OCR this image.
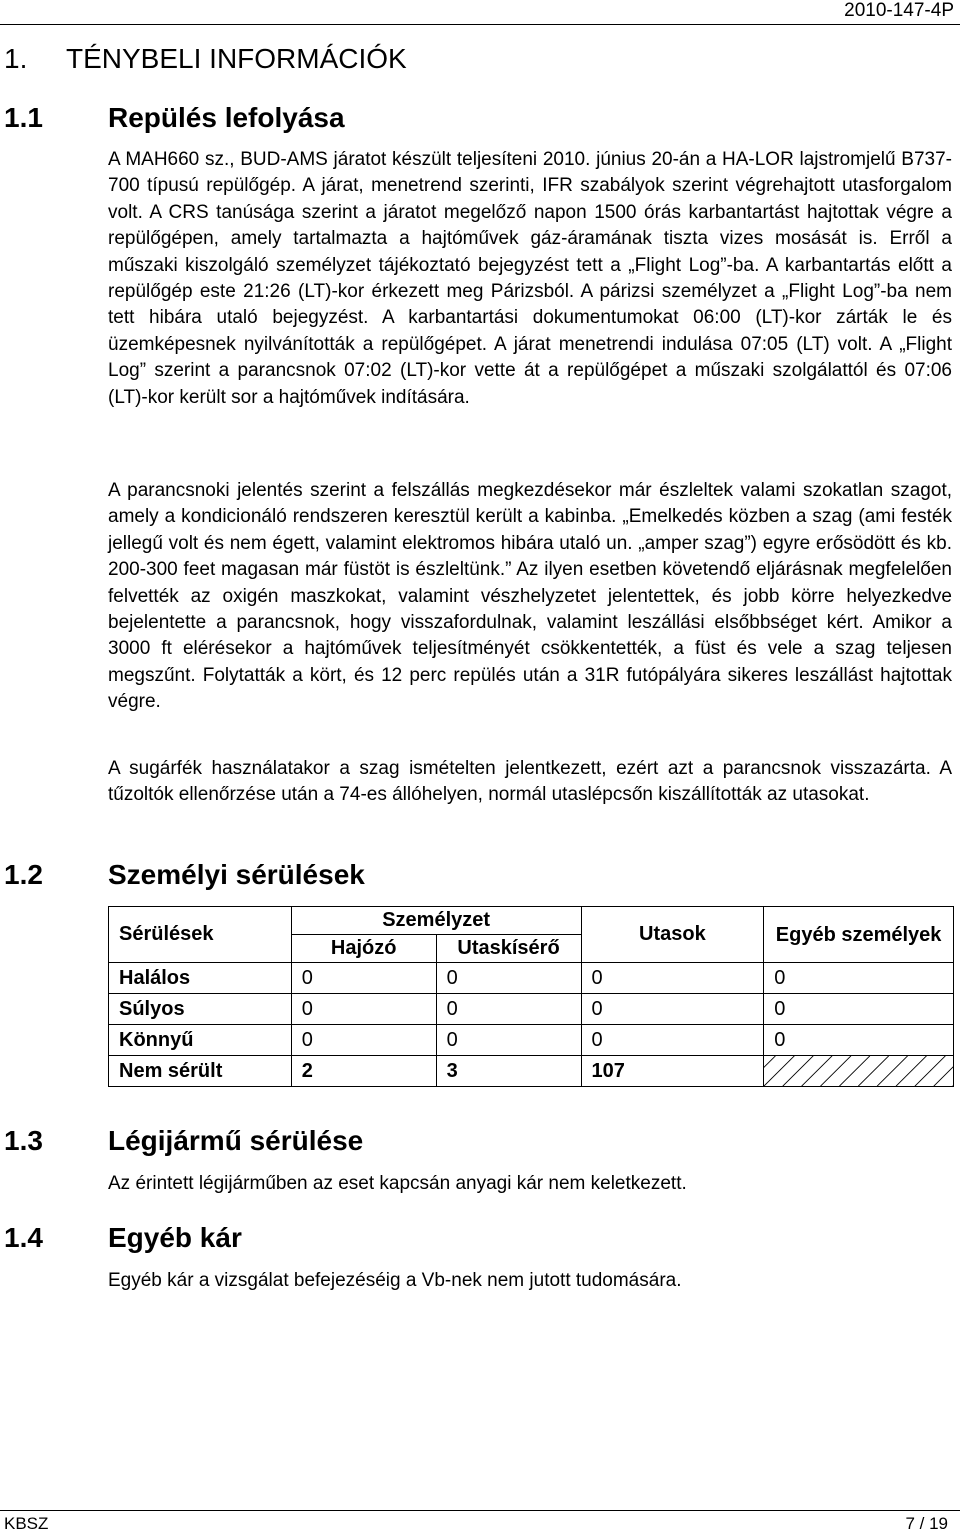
2010-147-4P
1. TÉNYBELI INFORMÁCIÓK
1.1 Repülés lefolyása

A MAH660 sz., BUD-AMS járatot készült teljesíteni 2010. június 20-án a HA-LOR lajstromjelű B737-700 típusú repülőgép. A járat, menetrend szerinti, IFR szabályok szerint végrehajtott utasforgalom volt. A CRS tanúsága szerint a járatot megelőző napon 1500 órás karbantartást hajtottak végre a repülőgépen, amely tartalmazta a hajtóművek gáz-áramának tiszta vizes mosását is. Erről a műszaki kiszolgáló személyzet tájékoztató bejegyzést tett a „Flight Log”-ba. A karbantartás előtt a repülőgép este 21:26 (LT)-kor érkezett meg Párizsból. A párizsi személyzet a „Flight Log”-ba nem tett hibára utaló bejegyzést. A karbantartási dokumentumokat 06:00 (LT)-kor zárták le és üzemképesnek nyilvánították a repülőgépet. A járat menetrendi indulása 07:05 (LT) volt. A „Flight Log” szerint a parancsnok 07:02 (LT)-kor vette át a repülőgépet a műszaki szolgálattól és 07:06 (LT)-kor került sor a hajtóművek indítására.

A parancsnoki jelentés szerint a felszállás megkezdésekor már észleltek valami szokatlan szagot, amely a kondicionáló rendszeren keresztül került a kabinba. „Emelkedés közben a szag (ami festék jellegű volt és nem égett, valamint elektromos hibára utaló un. „amper szag”) egyre erősödött és kb. 200-300 feet magasan már füstöt is észleltünk.” Az ilyen esetben követendő eljárásnak megfelelően felvették az oxigén maszkokat, valamint vészhelyzetet jelentettek, és jobb körre helyezkedve bejelentette a parancsnok, hogy visszafordulnak, valamint leszállási elsőbbséget kért. Amikor a 3000 ft elérésekor a hajtóművek teljesítményét csökkentették, a füst és vele a szag teljesen megszűnt. Folytatták a kört, és 12 perc repülés után a 31R futópályára sikeres leszállást hajtottak végre.

A sugárfék használatakor a szag ismételten jelentkezett, ezért azt a parancsnok visszazárta. A tűzoltók ellenőrzése után a 74-es állóhelyen, normál utaslépcsőn kiszállították az utasokat.

1.2 Személyi sérülések
Sérülések	Személyzet		Utasok	Egyéb személyek
	Hajózó	Utaskísérő		
Halálos	0	0	0	0
Súlyos	0	0	0	0
Könnyű	0	0	0	0
Nem sérült	2	3	107	
1.3 Légijármű sérülése

Az érintett légijárműben az eset kapcsán anyagi kár nem keletkezett.

1.4 Egyéb kár

Egyéb kár a vizsgálat befejezéséig a Vb-nek nem jutott tudomására.

KBSZ	7 / 19
